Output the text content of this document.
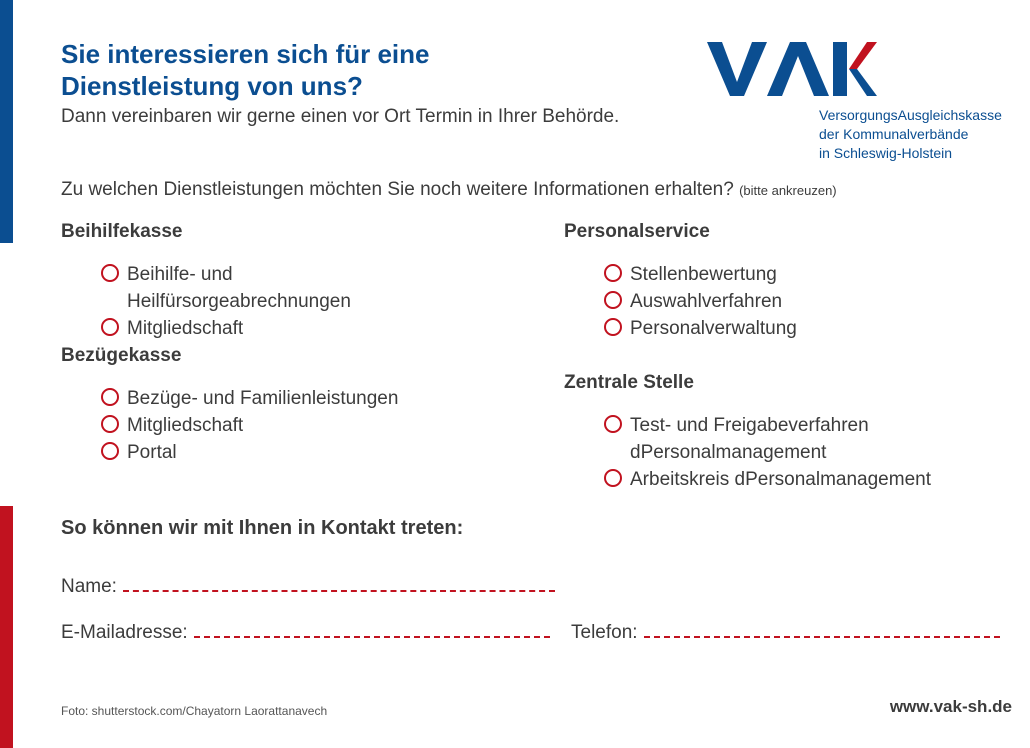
Sie interessieren sich für eine
Dienstleistung von uns?
Dann vereinbaren wir gerne einen vor Ort Termin in Ihrer Behörde.	VersorgungsAusgleichskasse
der Kommunalverbände
in Schleswig-Holstein
Zu welchen Dienstleistungen möchten Sie noch weitere Informationen erhalten? (bitte ankreuzen)
Beihilfekasse
Beihilfe- und Heilfürsorgeabrechnungen
Mitgliedschaft
Bezügekasse
Bezüge- und Familienleistungen
Mitgliedschaft
Portal
Personalservice
Stellenbewertung
Auswahlverfahren
Personalverwaltung
Zentrale Stelle
Test- und Freigabeverfahren dPersonalmanagement
Arbeitskreis dPersonalmanagement
So können wir mit Ihnen in Kontakt treten:
Name:
E-Mailadresse:	Telefon:
Foto: shutterstock.com/Chayatorn Laorattanavech	www.vak-sh.de
